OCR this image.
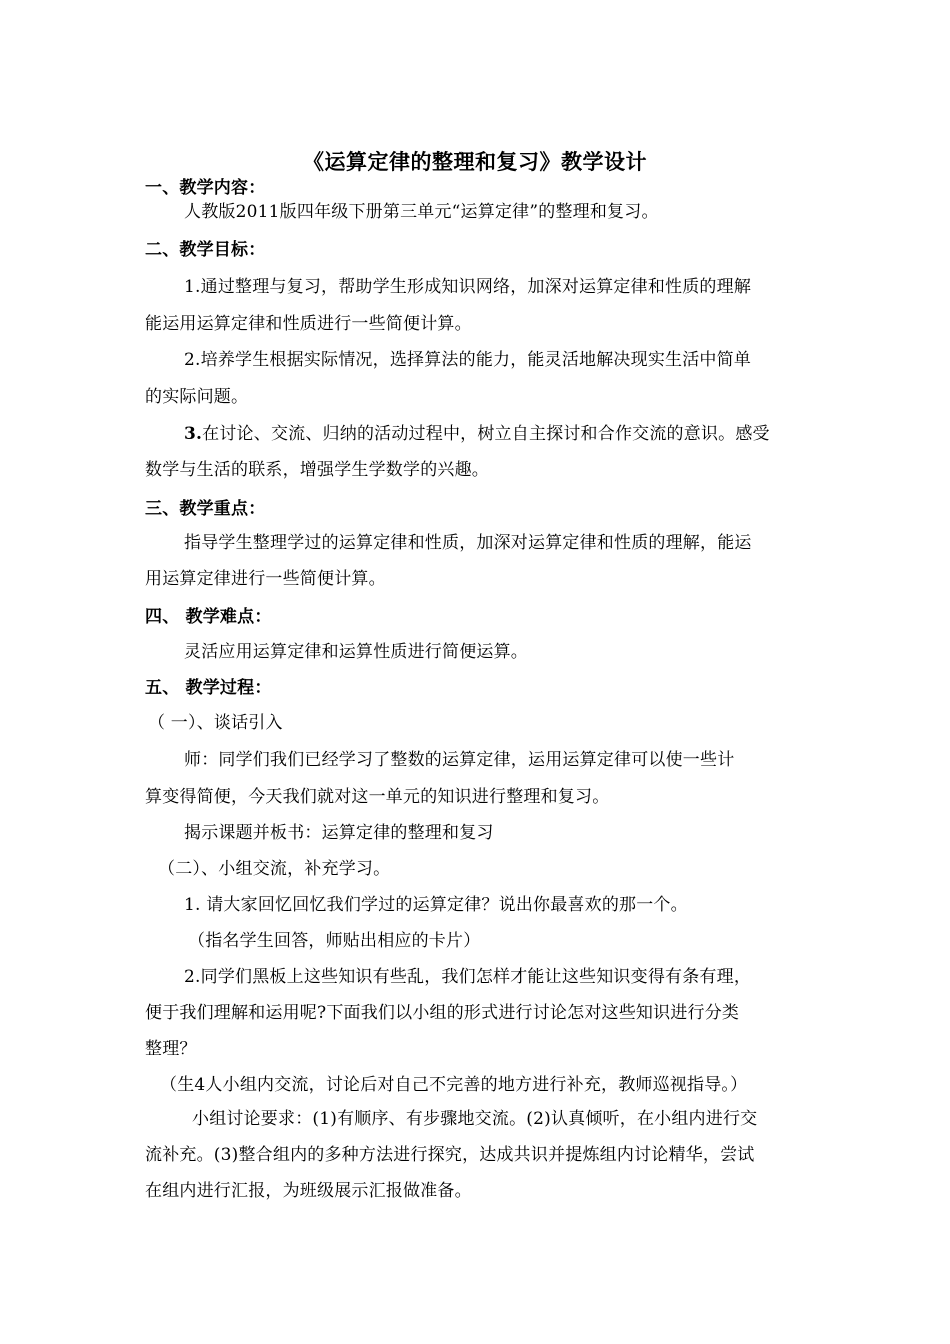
《运算定律的整理和复习》教学设计
一、教学内容：
人教版2011版四年级下册第三单元“运算定律”的整理和复习。
二、教学目标：
1.通过整理与复习，帮助学生形成知识网络，加深对运算定律和性质的理解
能运用运算定律和性质进行一些简便计算。
2.培养学生根据实际情况，选择算法的能力，能灵活地解决现实生活中简单
的实际问题。
3.在讨论、交流、归纳的活动过程中，树立自主探讨和合作交流的意识。感受
数学与生活的联系，增强学生学数学的兴趣。
三、教学重点：
指导学生整理学过的运算定律和性质，加深对运算定律和性质的理解，能运
用运算定律进行一些简便计算。
四、 教学难点：
灵活应用运算定律和运算性质进行简便运算。
五、 教学过程：
（ 一）、谈话引入
师：同学们我们已经学习了整数的运算定律，运用运算定律可以使一些计
算变得简便，今天我们就对这一单元的知识进行整理和复习。
揭示课题并板书：运算定律的整理和复习
（二）、小组交流，补充学习。
1. 请大家回忆回忆我们学过的运算定律？说出你最喜欢的那一个。
（指名学生回答，师贴出相应的卡片）
2.同学们黑板上这些知识有些乱，我们怎样才能让这些知识变得有条有理，
便于我们理解和运用呢?下面我们以小组的形式进行讨论怎对这些知识进行分类
整理？
（生4人小组内交流，讨论后对自己不完善的地方进行补充，教师巡视指导。）
小组讨论要求：(1)有顺序、有步骤地交流。(2)认真倾听，在小组内进行交
流补充。(3)整合组内的多种方法进行探究，达成共识并提炼组内讨论精华，尝试
在组内进行汇报，为班级展示汇报做准备。
